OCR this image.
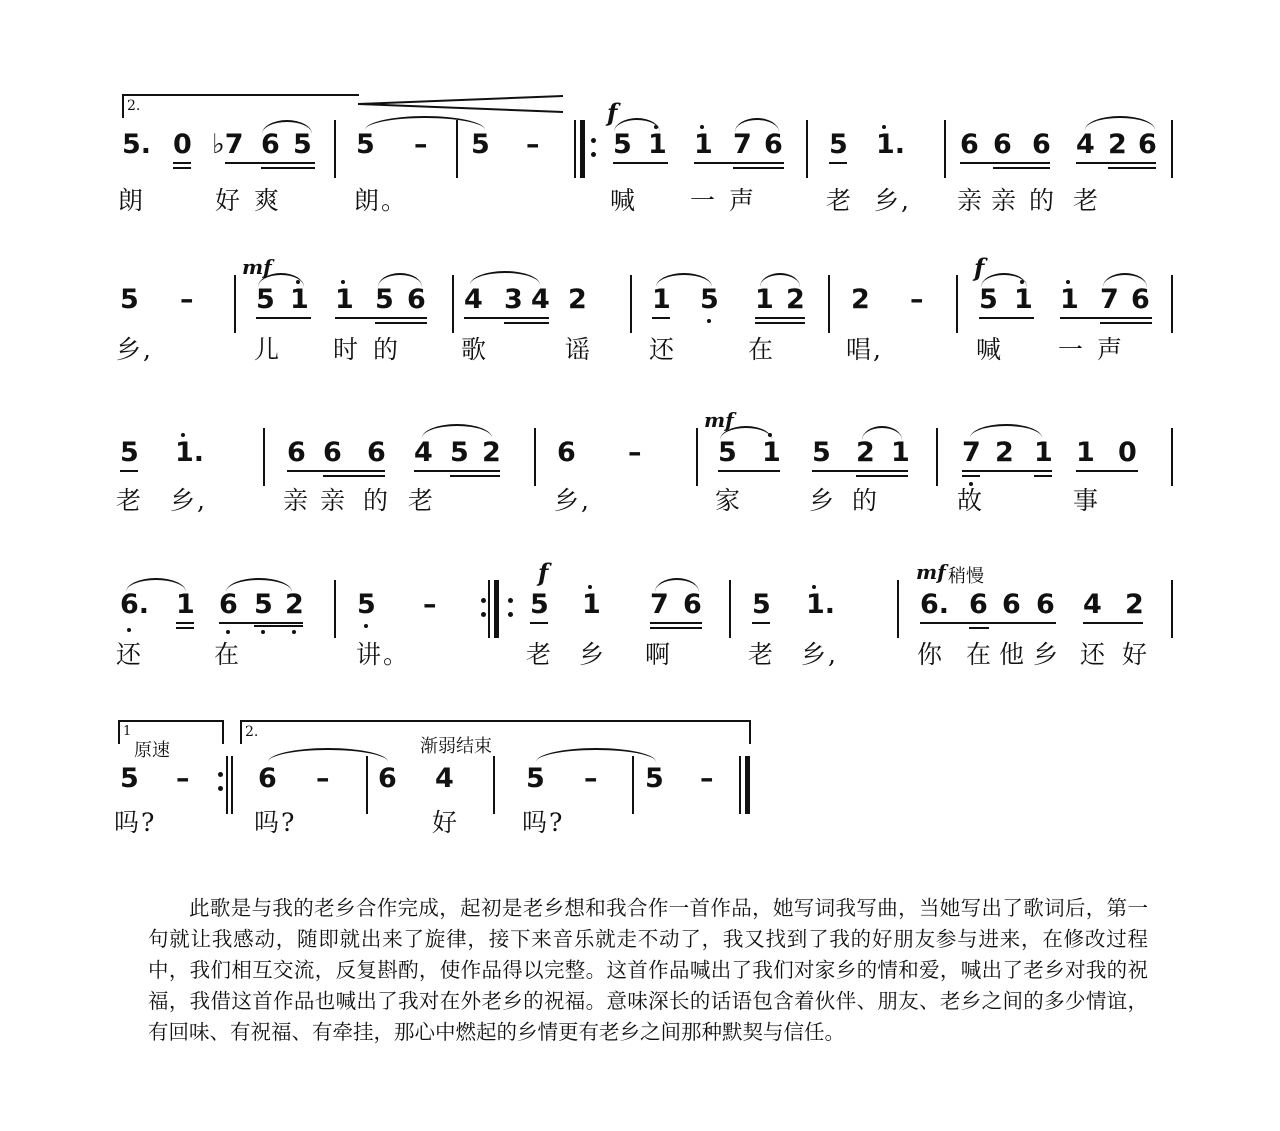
2.
5. 0 ♭7 6 5 5 – 5 –
f
5 1 1 7 6 5 1. 6 6 6 4 2 6
朗	好 爽	朗。	喊 一 声	老 乡, 亲 亲 的 老
5 –
mf
5 1 1 5 6 4 3 4 2 1 5 1 2 2 –
f
5 1 1 7 6
乡,	儿 时 的 歌	谣 还	在	唱,	喊 一 声
5 1.	6 6 6 4 5 2 6 –
mf
5 1 5 2 1 7 2 1 1 0
老 乡,	亲 亲 的 老	乡,	家	乡 的	故	事
6. 1 6 5 2 5 –
f
5 1 7 6 5 1.
mf 稍慢
6. 6 6 6 4 2
还	在	讲。	老 乡 啊	老 乡,	你 在 他 乡 还 好
1
原速
2.
渐弱结束
5 –	6 – 6 4	5 – 5 –
吗?	吗?	好	吗?

此歌是与我的老乡合作完成，起初是老乡想和我合作一首作品，她写词我写曲，当她写出了歌词后，第一句就让我感动，随即就出来了旋律，接下来音乐就走不动了，我又找到了我的好朋友参与进来，在修改过程中，我们相互交流，反复斟酌，使作品得以完整。这首作品喊出了我们对家乡的情和爱，喊出了老乡对我的祝福，我借这首作品也喊出了我对在外老乡的祝福。意味深长的话语包含着伙伴、朋友、老乡之间的多少情谊，有回味、有祝福、有牵挂，那心中燃起的乡情更有老乡之间那种默契与信任。
